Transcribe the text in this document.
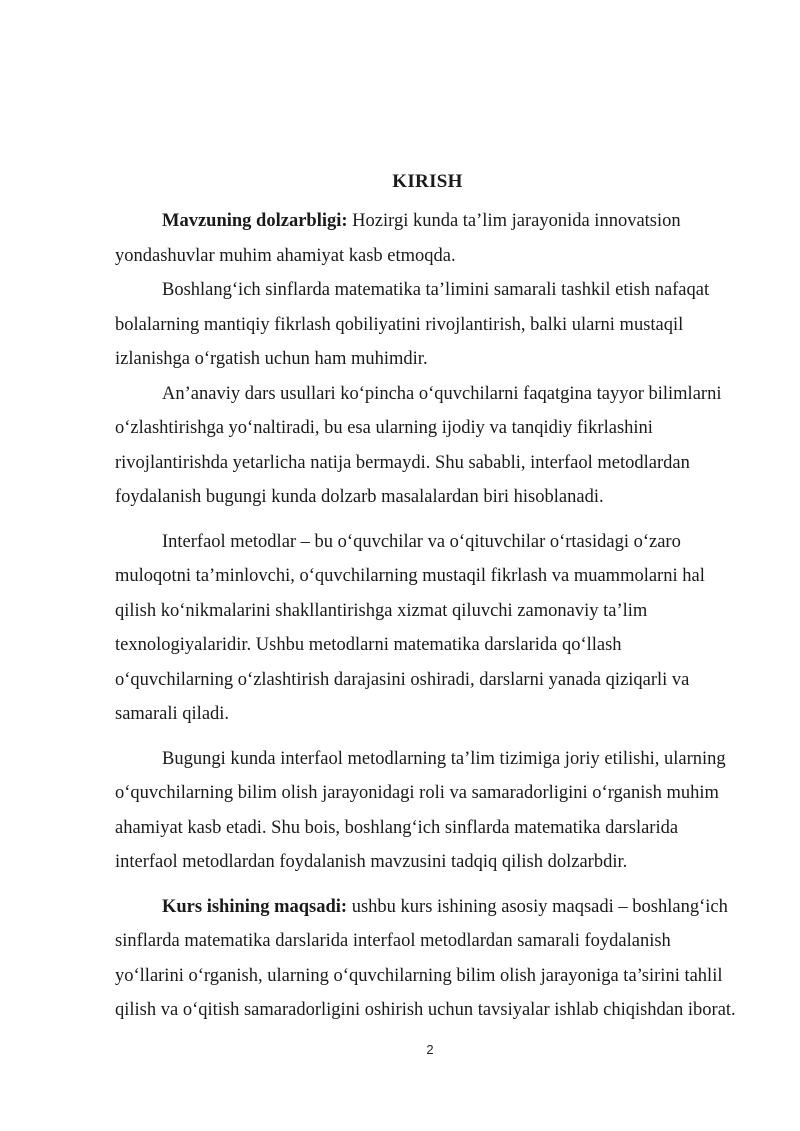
KIRISH

Mavzuning dolzarbligi: Hozirgi kunda ta’lim jarayonida innovatsion yondashuvlar muhim ahamiyat kasb etmoqda.

Boshlang‘ich sinflarda matematika ta’limini samarali tashkil etish nafaqat bolalarning mantiqiy fikrlash qobiliyatini rivojlantirish, balki ularni mustaqil izlanishga o‘rgatish uchun ham muhimdir.

An’anaviy dars usullari ko‘pincha o‘quvchilarni faqatgina tayyor bilimlarni o‘zlashtirishga yo‘naltiradi, bu esa ularning ijodiy va tanqidiy fikrlashini rivojlantirishda yetarlicha natija bermaydi. Shu sababli, interfaol metodlardan foydalanish bugungi kunda dolzarb masalalardan biri hisoblanadi.

Interfaol metodlar – bu o‘quvchilar va o‘qituvchilar o‘rtasidagi o‘zaro muloqotni ta’minlovchi, o‘quvchilarning mustaqil fikrlash va muammolarni hal qilish ko‘nikmalarini shakllantirishga xizmat qiluvchi zamonaviy ta’lim texnologiyalaridir. Ushbu metodlarni matematika darslarida qo‘llash o‘quvchilarning o‘zlashtirish darajasini oshiradi, darslarni yanada qiziqarli va samarali qiladi.

Bugungi kunda interfaol metodlarning ta’lim tizimiga joriy etilishi, ularning o‘quvchilarning bilim olish jarayonidagi roli va samaradorligini o‘rganish muhim ahamiyat kasb etadi. Shu bois, boshlang‘ich sinflarda matematika darslarida interfaol metodlardan foydalanish mavzusini tadqiq qilish dolzarbdir.

Kurs ishining maqsadi: ushbu kurs ishining asosiy maqsadi – boshlang‘ich sinflarda matematika darslarida interfaol metodlardan samarali foydalanish yo‘llarini o‘rganish, ularning o‘quvchilarning bilim olish jarayoniga ta’sirini tahlil qilish va o‘qitish samaradorligini oshirish uchun tavsiyalar ishlab chiqishdan iborat.

2
